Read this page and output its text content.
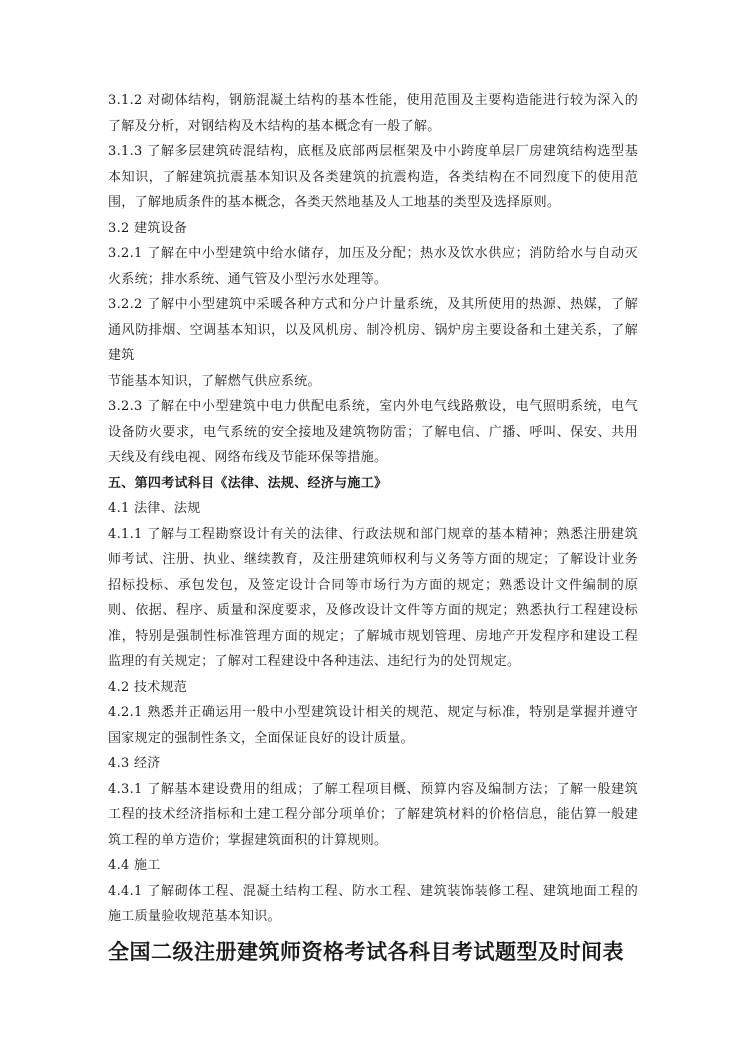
3.1.2 对砌体结构，钢筋混凝土结构的基本性能，使用范围及主要构造能进行较为深入的了解及分析，对钢结构及木结构的基本概念有一般了解。

3.1.3 了解多层建筑砖混结构，底框及底部两层框架及中小跨度单层厂房建筑结构选型基本知识，了解建筑抗震基本知识及各类建筑的抗震构造，各类结构在不同烈度下的使用范围，了解地质条件的基本概念，各类天然地基及人工地基的类型及选择原则。

3.2 建筑设备

3.2.1 了解在中小型建筑中给水储存，加压及分配；热水及饮水供应；消防给水与自动灭火系统；排水系统、通气管及小型污水处理等。

3.2.2 了解中小型建筑中采暖各种方式和分户计量系统，及其所使用的热源、热媒，了解通风防排烟、空调基本知识，以及风机房、制冷机房、锅炉房主要设备和土建关系，了解建筑

节能基本知识，了解燃气供应系统。

3.2.3 了解在中小型建筑中电力供配电系统，室内外电气线路敷设，电气照明系统，电气设备防火要求，电气系统的安全接地及建筑物防雷；了解电信、广播、呼叫、保安、共用天线及有线电视、网络布线及节能环保等措施。

五、第四考试科目《法律、法规、经济与施工》

4.1 法律、法规

4.1.1 了解与工程勘察设计有关的法律、行政法规和部门规章的基本精神；熟悉注册建筑师考试、注册、执业、继续教育，及注册建筑师权利与义务等方面的规定；了解设计业务招标投标、承包发包，及签定设计合同等市场行为方面的规定；熟悉设计文件编制的原则、依据、程序、质量和深度要求，及修改设计文件等方面的规定；熟悉执行工程建设标准，特别是强制性标准管理方面的规定；了解城市规划管理、房地产开发程序和建设工程监理的有关规定；了解对工程建设中各种违法、违纪行为的处罚规定。

4.2 技术规范

4.2.1 熟悉并正确运用一般中小型建筑设计相关的规范、规定与标准，特别是掌握并遵守国家规定的强制性条文，全面保证良好的设计质量。

4.3 经济

4.3.1 了解基本建设费用的组成；了解工程项目概、预算内容及编制方法；了解一般建筑工程的技术经济指标和土建工程分部分项单价；了解建筑材料的价格信息，能估算一般建筑工程的单方造价；掌握建筑面积的计算规则。

4.4 施工

4.4.1 了解砌体工程、混凝土结构工程、防水工程、建筑装饰装修工程、建筑地面工程的施工质量验收规范基本知识。

全国二级注册建筑师资格考试各科目考试题型及时间表
